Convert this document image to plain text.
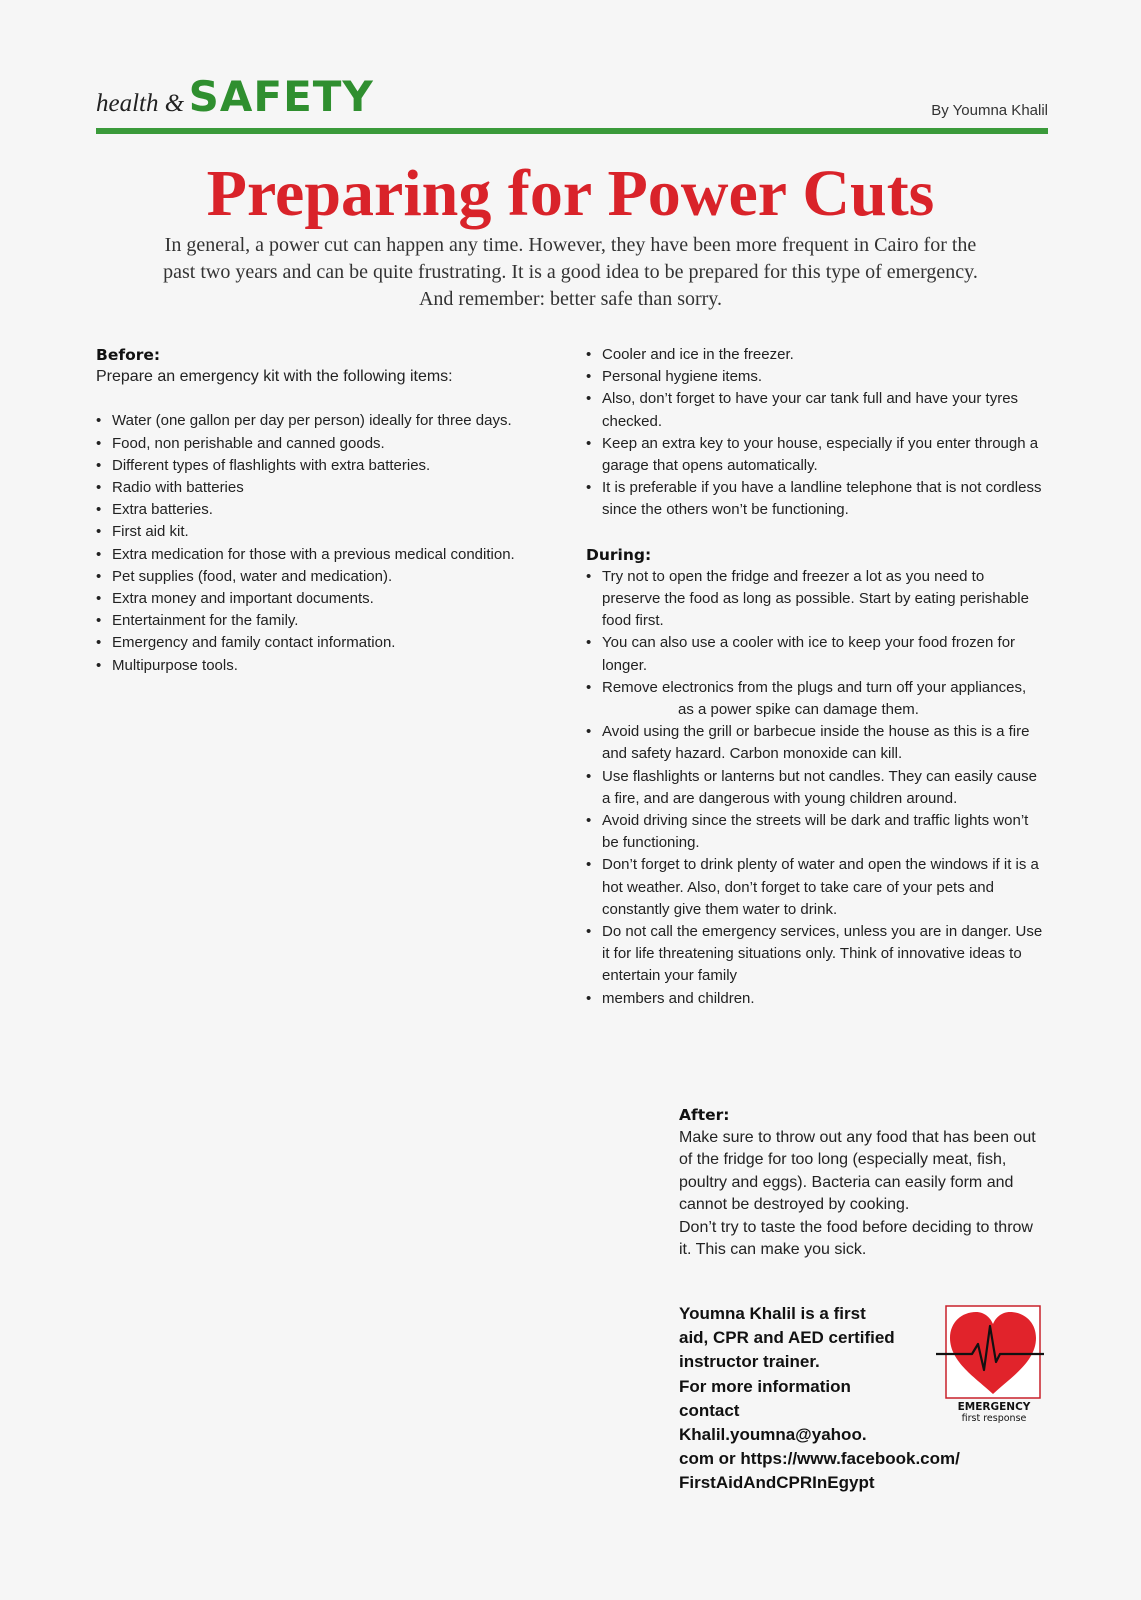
health & SAFETY	By Youmna Khalil
Preparing for Power Cuts
In general, a power cut can happen any time. However, they have been more frequent in Cairo for the
past two years and can be quite frustrating. It is a good idea to be prepared for this type of emergency.
And remember: better safe than sorry.

Before:

Prepare an emergency kit with the following items:

• Water (one gallon per day per person) ideally for three days.
• Food, non perishable and canned goods.
• Different types of flashlights with extra batteries.
• Radio with batteries
• Extra batteries.
• First aid kit.
• Extra medication for those with a previous medical condition.
• Pet supplies (food, water and medication).
• Extra money and important documents.
• Entertainment for the family.
• Emergency and family contact information.
• Multipurpose tools.
• Cooler and ice in the freezer.
• Personal hygiene items.
• Also, don’t forget to have your car tank full and have your tyres checked.
• Keep an extra key to your house, especially if you enter through a garage that opens automatically.
• It is preferable if you have a landline telephone that is not cordless since the others won’t be functioning.

During:

• Try not to open the fridge and freezer a lot as you need to preserve the food as long as possible. Start by eating perishable food first.
• You can also use a cooler with ice to keep your food frozen for longer.
• Remove electronics from the plugs and turn off your appliances,
as a power spike can damage them.
• Avoid using the grill or barbecue inside the house as this is a fire and safety hazard. Carbon monoxide can kill.
• Use flashlights or lanterns but not candles. They can easily cause a fire, and are dangerous with young children around.
• Avoid driving since the streets will be dark and traffic lights won’t be functioning.
• Don’t forget to drink plenty of water and open the windows if it is a hot weather. Also, don’t forget to take care of your pets and constantly give them water to drink.
• Do not call the emergency services, unless you are in danger. Use it for life threatening situations only. Think of innovative ideas to entertain your family
• members and children.

After:

Make sure to throw out any food that has been out of the fridge for too long (especially meat, fish, poultry and eggs). Bacteria can easily form and cannot be destroyed by cooking.

Don’t try to taste the food before deciding to throw it. This can make you sick.

Youmna Khalil is a first
aid, CPR and AED certified
instructor trainer.
For more information
contact
Khalil.youmna@yahoo.
com or https://www.facebook.com/
FirstAidAndCPRInEgypt
EMERGENCY
first response
